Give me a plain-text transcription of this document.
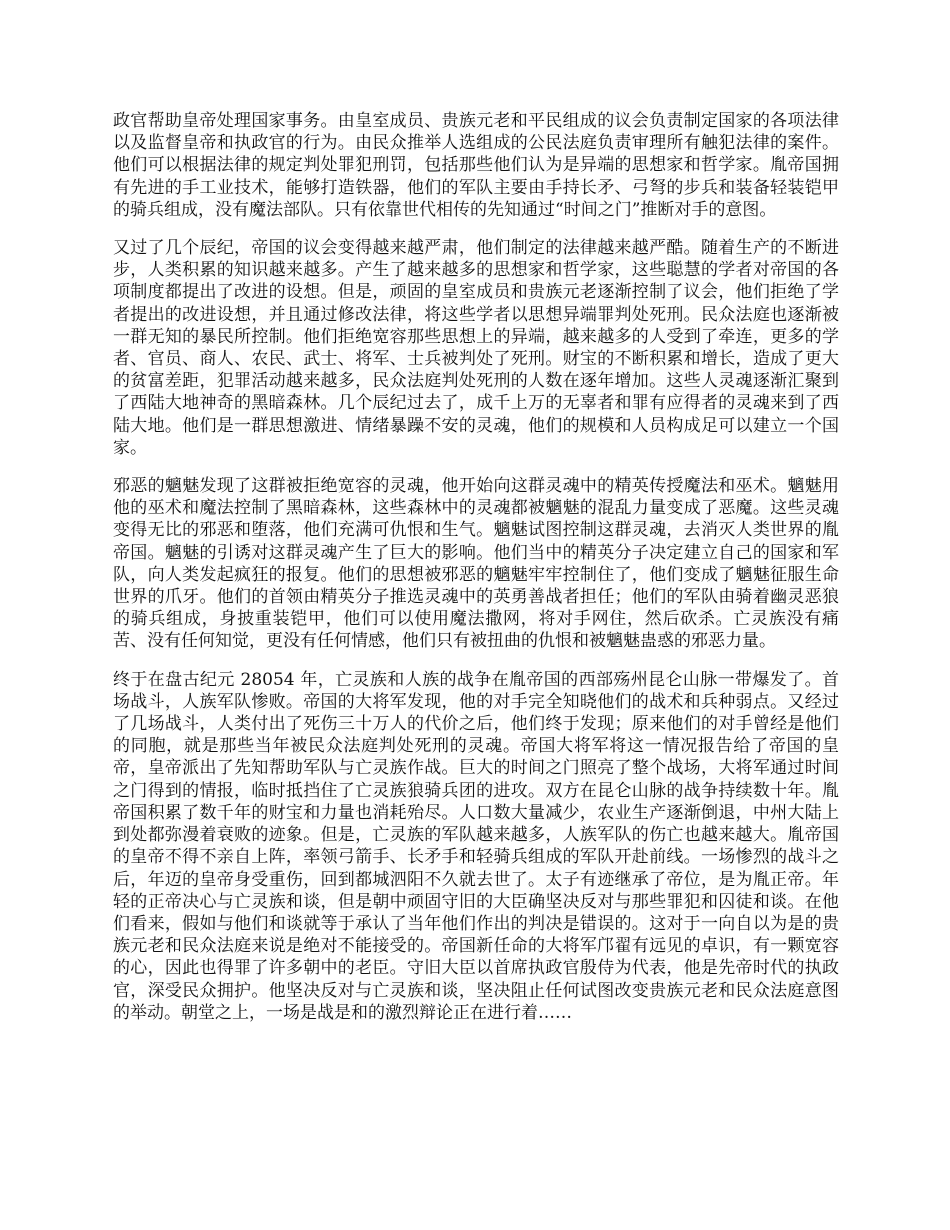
政官帮助皇帝处理国家事务。由皇室成员、贵族元老和平民组成的议会负责制定国家的各项法律以及监督皇帝和执政官的行为。由民众推举人选组成的公民法庭负责审理所有触犯法律的案件。他们可以根据法律的规定判处罪犯刑罚，包括那些他们认为是异端的思想家和哲学家。胤帝国拥有先进的手工业技术，能够打造铁器，他们的军队主要由手持长矛、弓弩的步兵和装备轻装铠甲的骑兵组成，没有魔法部队。只有依靠世代相传的先知通过“时间之门”推断对手的意图。

又过了几个辰纪，帝国的议会变得越来越严肃，他们制定的法律越来越严酷。随着生产的不断进步，人类积累的知识越来越多。产生了越来越多的思想家和哲学家，这些聪慧的学者对帝国的各项制度都提出了改进的设想。但是，顽固的皇室成员和贵族元老逐渐控制了议会，他们拒绝了学者提出的改进设想，并且通过修改法律，将这些学者以思想异端罪判处死刑。民众法庭也逐渐被一群无知的暴民所控制。他们拒绝宽容那些思想上的异端，越来越多的人受到了牵连，更多的学者、官员、商人、农民、武士、将军、士兵被判处了死刑。财宝的不断积累和增长，造成了更大的贫富差距，犯罪活动越来越多，民众法庭判处死刑的人数在逐年增加。这些人灵魂逐渐汇聚到了西陆大地神奇的黑暗森林。几个辰纪过去了，成千上万的无辜者和罪有应得者的灵魂来到了西陆大地。他们是一群思想激进、情绪暴躁不安的灵魂，他们的规模和人员构成足可以建立一个国家。

邪恶的魑魅发现了这群被拒绝宽容的灵魂，他开始向这群灵魂中的精英传授魔法和巫术。魑魅用他的巫术和魔法控制了黑暗森林，这些森林中的灵魂都被魑魅的混乱力量变成了恶魔。这些灵魂变得无比的邪恶和堕落，他们充满可仇恨和生气。魑魅试图控制这群灵魂，去消灭人类世界的胤帝国。魑魅的引诱对这群灵魂产生了巨大的影响。他们当中的精英分子决定建立自己的国家和军队，向人类发起疯狂的报复。他们的思想被邪恶的魑魅牢牢控制住了，他们变成了魑魅征服生命世界的爪牙。他们的首领由精英分子推选灵魂中的英勇善战者担任；他们的军队由骑着幽灵恶狼的骑兵组成，身披重装铠甲，他们可以使用魔法撒网，将对手网住，然后砍杀。亡灵族没有痛苦、没有任何知觉，更没有任何情感，他们只有被扭曲的仇恨和被魑魅蛊惑的邪恶力量。

终于在盘古纪元 28054 年，亡灵族和人族的战争在胤帝国的西部殇州昆仑山脉一带爆发了。首场战斗，人族军队惨败。帝国的大将军发现，他的对手完全知晓他们的战术和兵种弱点。又经过了几场战斗，人类付出了死伤三十万人的代价之后，他们终于发现；原来他们的对手曾经是他们的同胞，就是那些当年被民众法庭判处死刑的灵魂。帝国大将军将这一情况报告给了帝国的皇帝，皇帝派出了先知帮助军队与亡灵族作战。巨大的时间之门照亮了整个战场，大将军通过时间之门得到的情报，临时抵挡住了亡灵族狼骑兵团的进攻。双方在昆仑山脉的战争持续数十年。胤帝国积累了数千年的财宝和力量也消耗殆尽。人口数大量减少，农业生产逐渐倒退，中州大陆上到处都弥漫着衰败的迹象。但是，亡灵族的军队越来越多，人族军队的伤亡也越来越大。胤帝国的皇帝不得不亲自上阵，率领弓箭手、长矛手和轻骑兵组成的军队开赴前线。一场惨烈的战斗之后，年迈的皇帝身受重伤，回到都城泗阳不久就去世了。太子有迹继承了帝位，是为胤正帝。年轻的正帝决心与亡灵族和谈，但是朝中顽固守旧的大臣确坚决反对与那些罪犯和囚徒和谈。在他们看来，假如与他们和谈就等于承认了当年他们作出的判决是错误的。这对于一向自以为是的贵族元老和民众法庭来说是绝对不能接受的。帝国新任命的大将军邝翟有远见的卓识，有一颗宽容的心，因此也得罪了许多朝中的老臣。守旧大臣以首席执政官殷侍为代表，他是先帝时代的执政官，深受民众拥护。他坚决反对与亡灵族和谈，坚决阻止任何试图改变贵族元老和民众法庭意图的举动。朝堂之上，一场是战是和的激烈辩论正在进行着……
